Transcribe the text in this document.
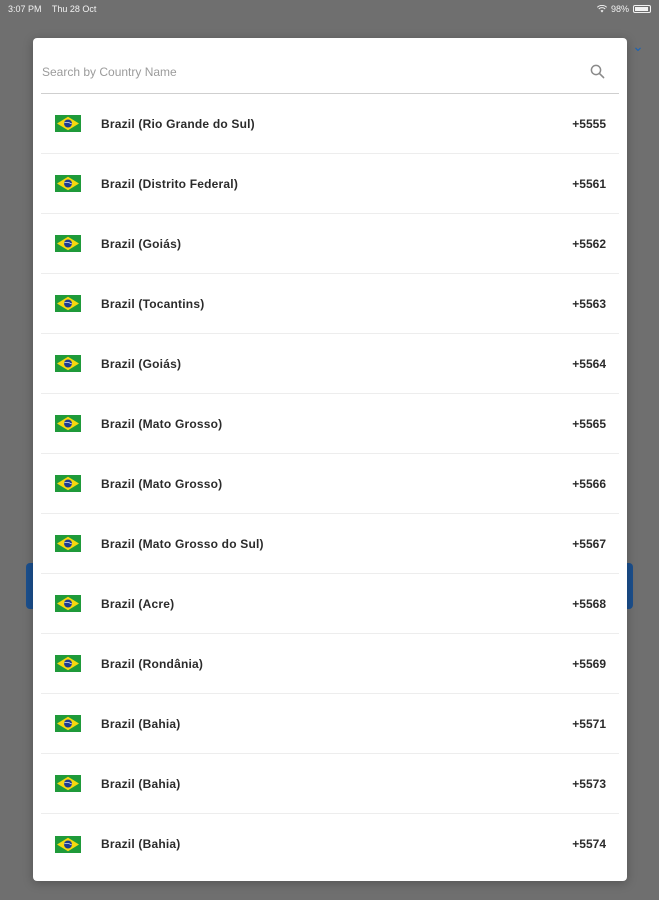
3:07 PM Thu 28 Oct	98%
⌄
Search by Country Name
Brazil (Rio Grande do Sul)	+5555
Brazil (Distrito Federal)	+5561
Brazil (Goiás)	+5562
Brazil (Tocantins)	+5563
Brazil (Goiás)	+5564
Brazil (Mato Grosso)	+5565
Brazil (Mato Grosso)	+5566
Brazil (Mato Grosso do Sul)	+5567
Brazil (Acre)	+5568
Brazil (Rondânia)	+5569
Brazil (Bahia)	+5571
Brazil (Bahia)	+5573
Brazil (Bahia)	+5574
